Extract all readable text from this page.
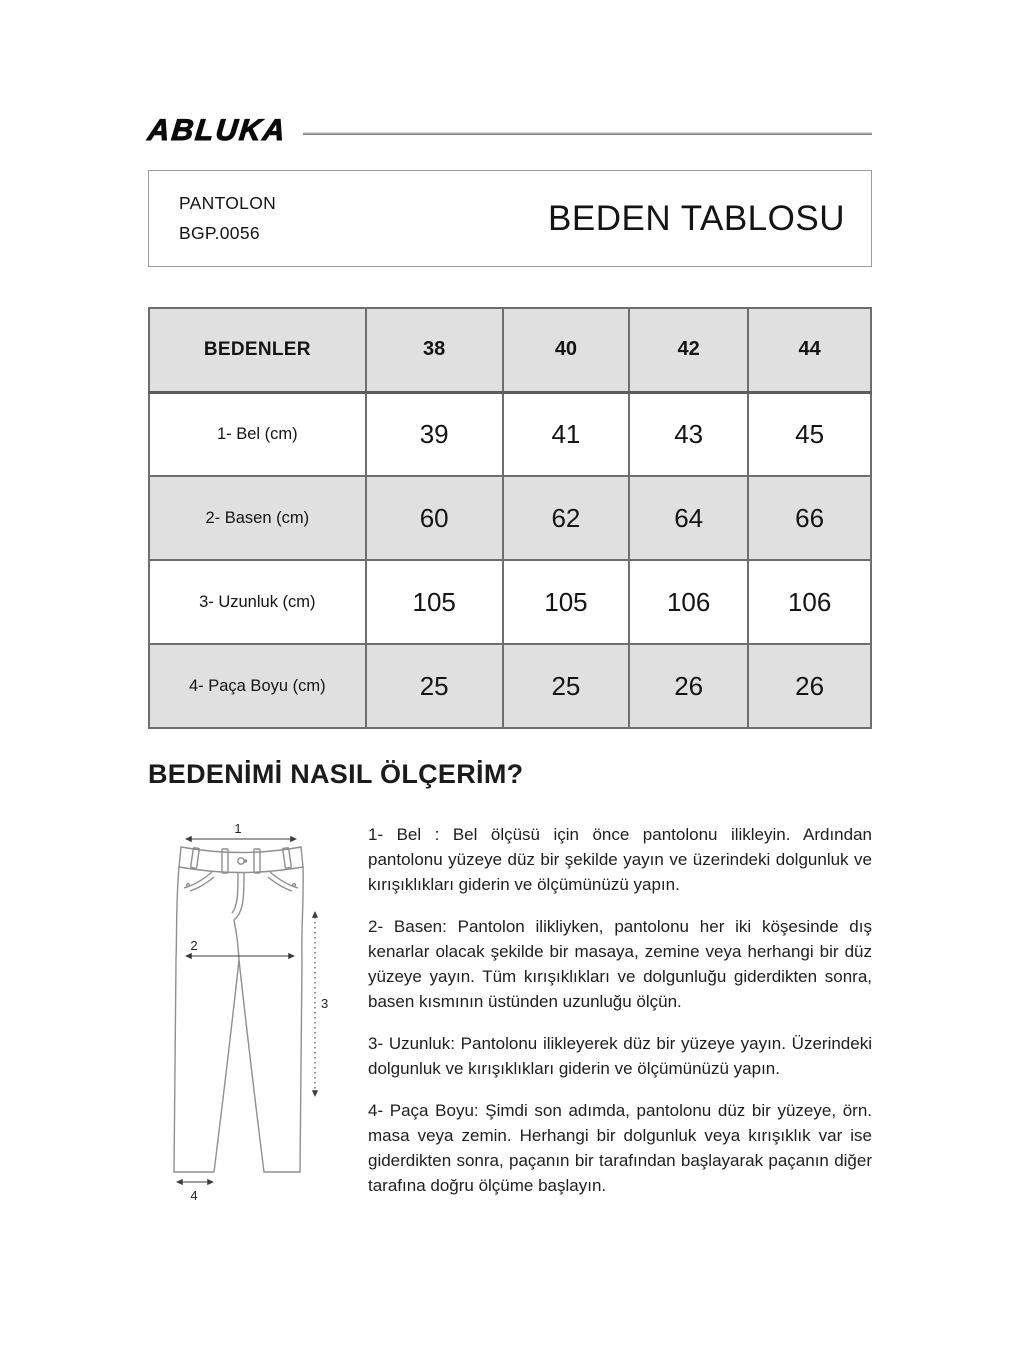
ABLUKA
PANTOLON
BGP.0056	BEDEN TABLOSU
BEDENLER	38	40	42	44
1- Bel (cm)	39	41	43	45
2- Basen (cm)	60	62	64	66
3- Uzunluk (cm)	105	105	106	106
4- Paça Boyu (cm)	25	25	26	26
BEDENİMİ NASIL ÖLÇERİM?
1
2
3
4

1- Bel : Bel ölçüsü için önce pantolonu ilikleyin. Ardından pantolonu yüzeye düz bir şekilde yayın ve üzerindeki dolgunluk ve kırışıklıkları giderin ve ölçümünüzü yapın.

2- Basen: Pantolon ilikliyken, pantolonu her iki köşesinde dış kenarlar olacak şekilde bir masaya, zemine veya herhangi bir düz yüzeye yayın. Tüm kırışıklıkları ve dolgunluğu giderdikten sonra, basen kısmının üstünden uzunluğu ölçün.

3- Uzunluk: Pantolonu ilikleyerek düz bir yüzeye yayın. Üzerindeki dolgunluk ve kırışıklıkları giderin ve ölçümünüzü yapın.

4- Paça Boyu: Şimdi son adımda, pantolonu düz bir yüzeye, örn. masa veya zemin. Herhangi bir dolgunluk veya kırışıklık var ise giderdikten sonra, paçanın bir tarafından başlayarak paçanın diğer tarafına doğru ölçüme başlayın.
